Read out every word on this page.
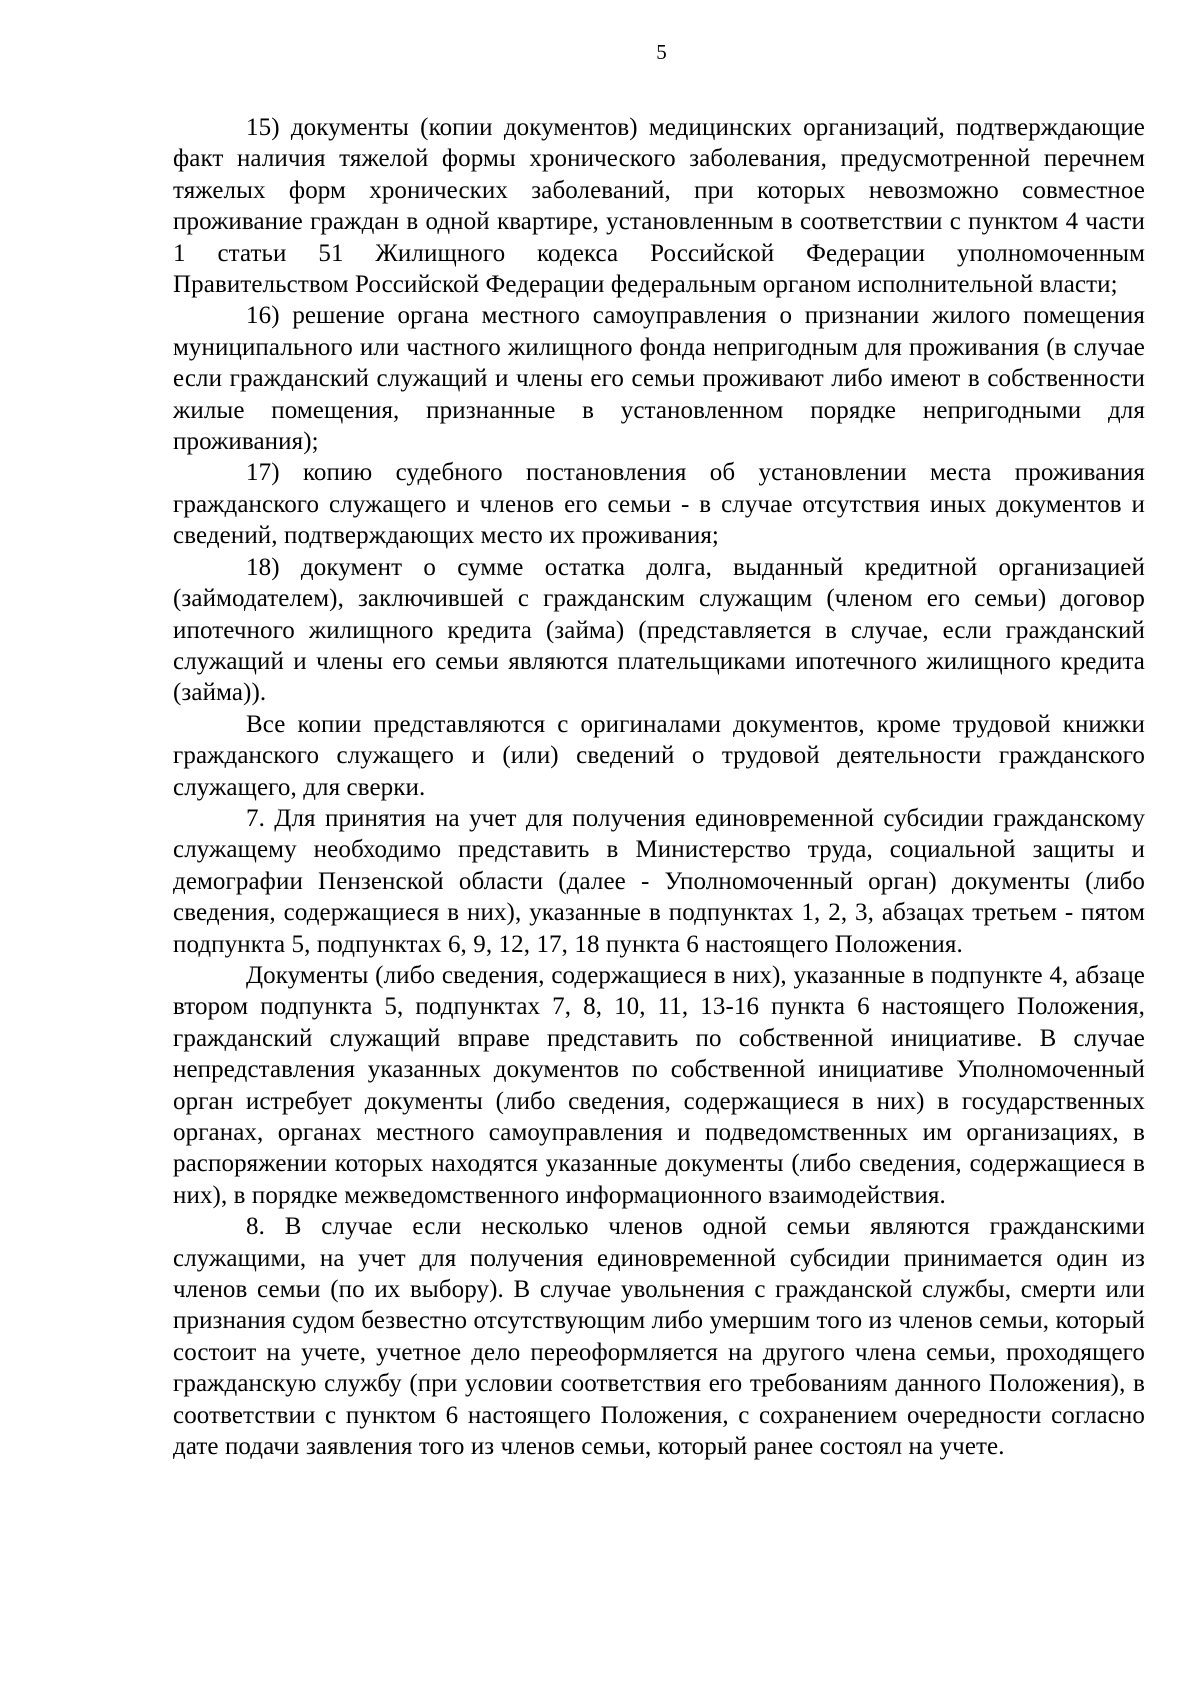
5

15) документы (копии документов) медицинских организаций, подтверждающие факт наличия тяжелой формы хронического заболевания, предусмотренной перечнем тяжелых форм хронических заболеваний, при которых невозможно совместное проживание граждан в одной квартире, установленным в соответствии с пунктом 4 части 1 статьи 51 Жилищного кодекса Российской Федерации уполномоченным Правительством Российской Федерации федеральным органом исполнительной власти;

16) решение органа местного самоуправления о признании жилого помещения муниципального или частного жилищного фонда непригодным для проживания (в случае если гражданский служащий и члены его семьи проживают либо имеют в собственности жилые помещения, признанные в установленном порядке непригодными для проживания);

17) копию судебного постановления об установлении места проживания гражданского служащего и членов его семьи - в случае отсутствия иных документов и сведений, подтверждающих место их проживания;

18) документ о сумме остатка долга, выданный кредитной организацией (займодателем), заключившей с гражданским служащим (членом его семьи) договор ипотечного жилищного кредита (займа) (представляется в случае, если гражданский служащий и члены его семьи являются плательщиками ипотечного жилищного кредита (займа)).

Все копии представляются с оригиналами документов, кроме трудовой книжки гражданского служащего и (или) сведений о трудовой деятельности гражданского служащего, для сверки.

7. Для принятия на учет для получения единовременной субсидии гражданскому служащему необходимо представить в Министерство труда, социальной защиты и демографии Пензенской области (далее - Уполномоченный орган) документы (либо сведения, содержащиеся в них), указанные в подпунктах 1, 2, 3, абзацах третьем - пятом подпункта 5, подпунктах 6, 9, 12, 17, 18 пункта 6 настоящего Положения.

Документы (либо сведения, содержащиеся в них), указанные в подпункте 4, абзаце втором подпункта 5, подпунктах 7, 8, 10, 11, 13-16 пункта 6 настоящего Положения, гражданский служащий вправе представить по собственной инициативе. В случае непредставления указанных документов по собственной инициативе Уполномоченный орган истребует документы (либо сведения, содержащиеся в них) в государственных органах, органах местного самоуправления и подведомственных им организациях, в распоряжении которых находятся указанные документы (либо сведения, содержащиеся в них), в порядке межведомственного информационного взаимодействия.

8. В случае если несколько членов одной семьи являются гражданскими служащими, на учет для получения единовременной субсидии принимается один из членов семьи (по их выбору). В случае увольнения с гражданской службы, смерти или признания судом безвестно отсутствующим либо умершим того из членов семьи, который состоит на учете, учетное дело переоформляется на другого члена семьи, проходящего гражданскую службу (при условии соответствия его требованиям данного Положения), в соответствии с пунктом 6 настоящего Положения, с сохранением очередности согласно дате подачи заявления того из членов семьи, который ранее состоял на учете.
